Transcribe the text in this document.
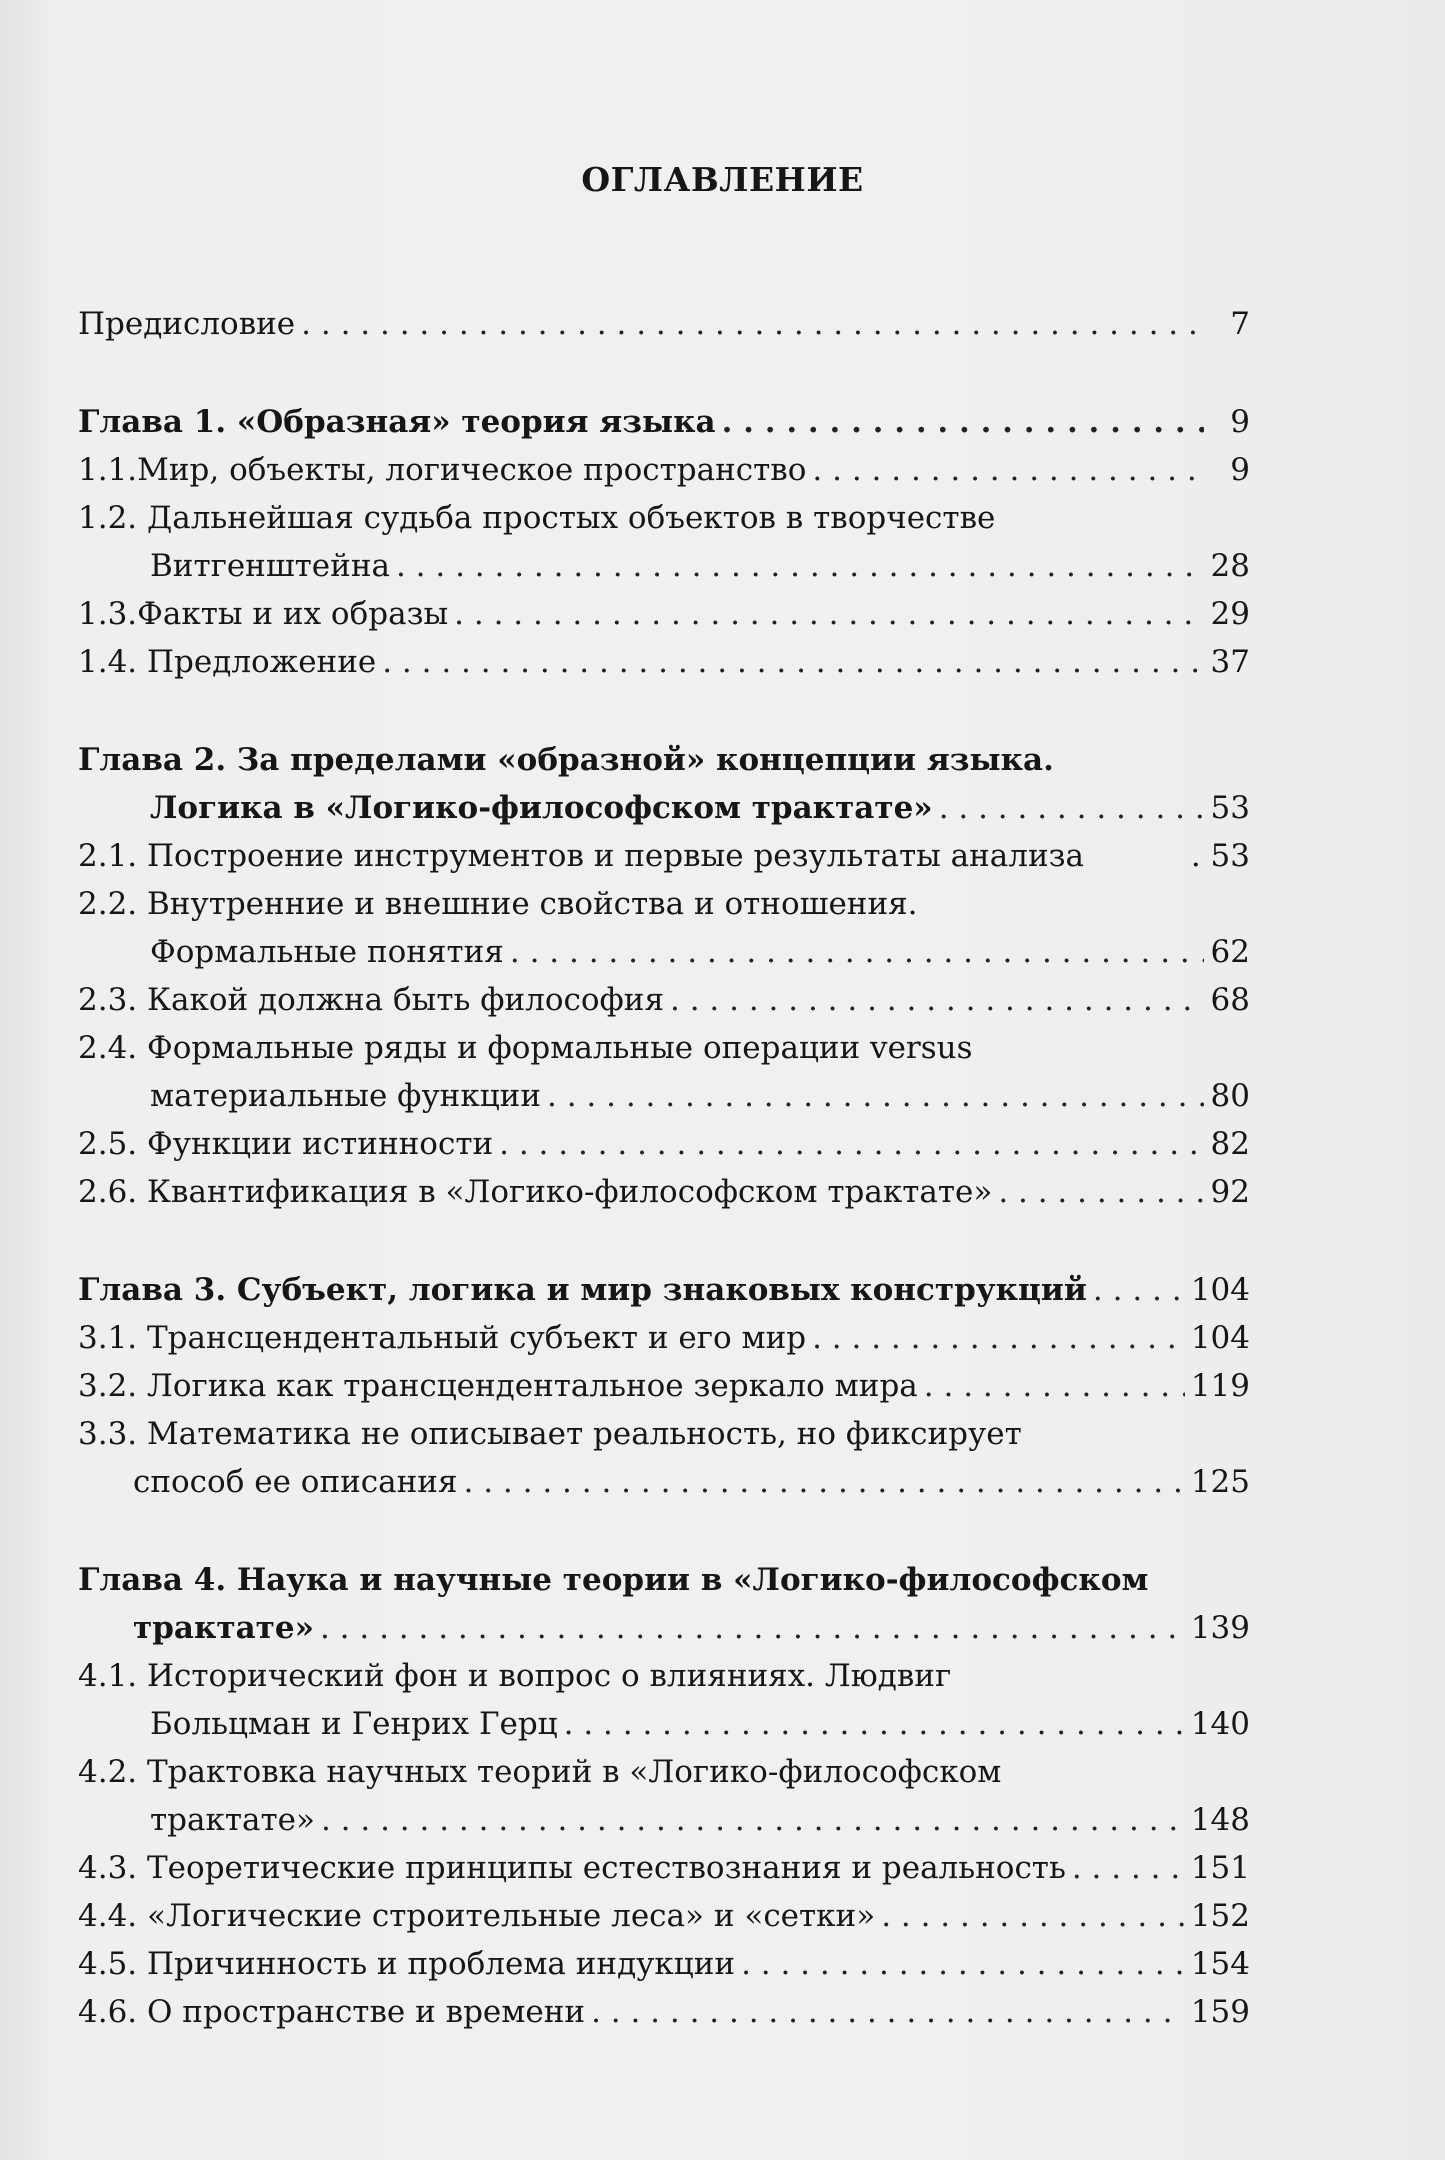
ОГЛАВЛЕНИЕ
Предисловие . . .	7
Глава 1. «Образная» теория языка . . .	9
1.1.Мир, объекты, логическое пространство . . .	9
1.2. Дальнейшая судьба простых объектов в творчестве
Витгенштейна . . .	28
1.3.Факты и их образы . . .	29
1.4. Предложение . . .	37
Глава 2. За пределами «образной» концепции языка.
Логика в «Логико-философском трактате» . . .	53
2.1. Построение инструментов и первые результаты анализа	. 53
2.2. Внутренние и внешние свойства и отношения.
Формальные понятия . . .	62
2.3. Какой должна быть философия . . .	68
2.4. Формальные ряды и формальные операции versus
материальные функции . . .	80
2.5. Функции истинности . . .	82
2.6. Квантификация в «Логико-философском трактате» . . .	92
Глава 3. Субъект, логика и мир знаковых конструкций . . .	104
3.1. Трансцендентальный субъект и его мир . . .	104
3.2. Логика как трансцендентальное зеркало мира . . .	119
3.3. Математика не описывает реальность, но фиксирует
способ ее описания . . .	125
Глава 4. Наука и научные теории в «Логико-философском
трактате» . . .	139
4.1. Исторический фон и вопрос о влияниях. Людвиг
Больцман и Генрих Герц . . .	140
4.2. Трактовка научных теорий в «Логико-философском
трактате» . . .	148
4.3. Теоретические принципы естествознания и реальность . . .	151
4.4. «Логические строительные леса» и «сетки» . . .	152
4.5. Причинность и проблема индукции . . .	154
4.6. О пространстве и времени . . .	159
